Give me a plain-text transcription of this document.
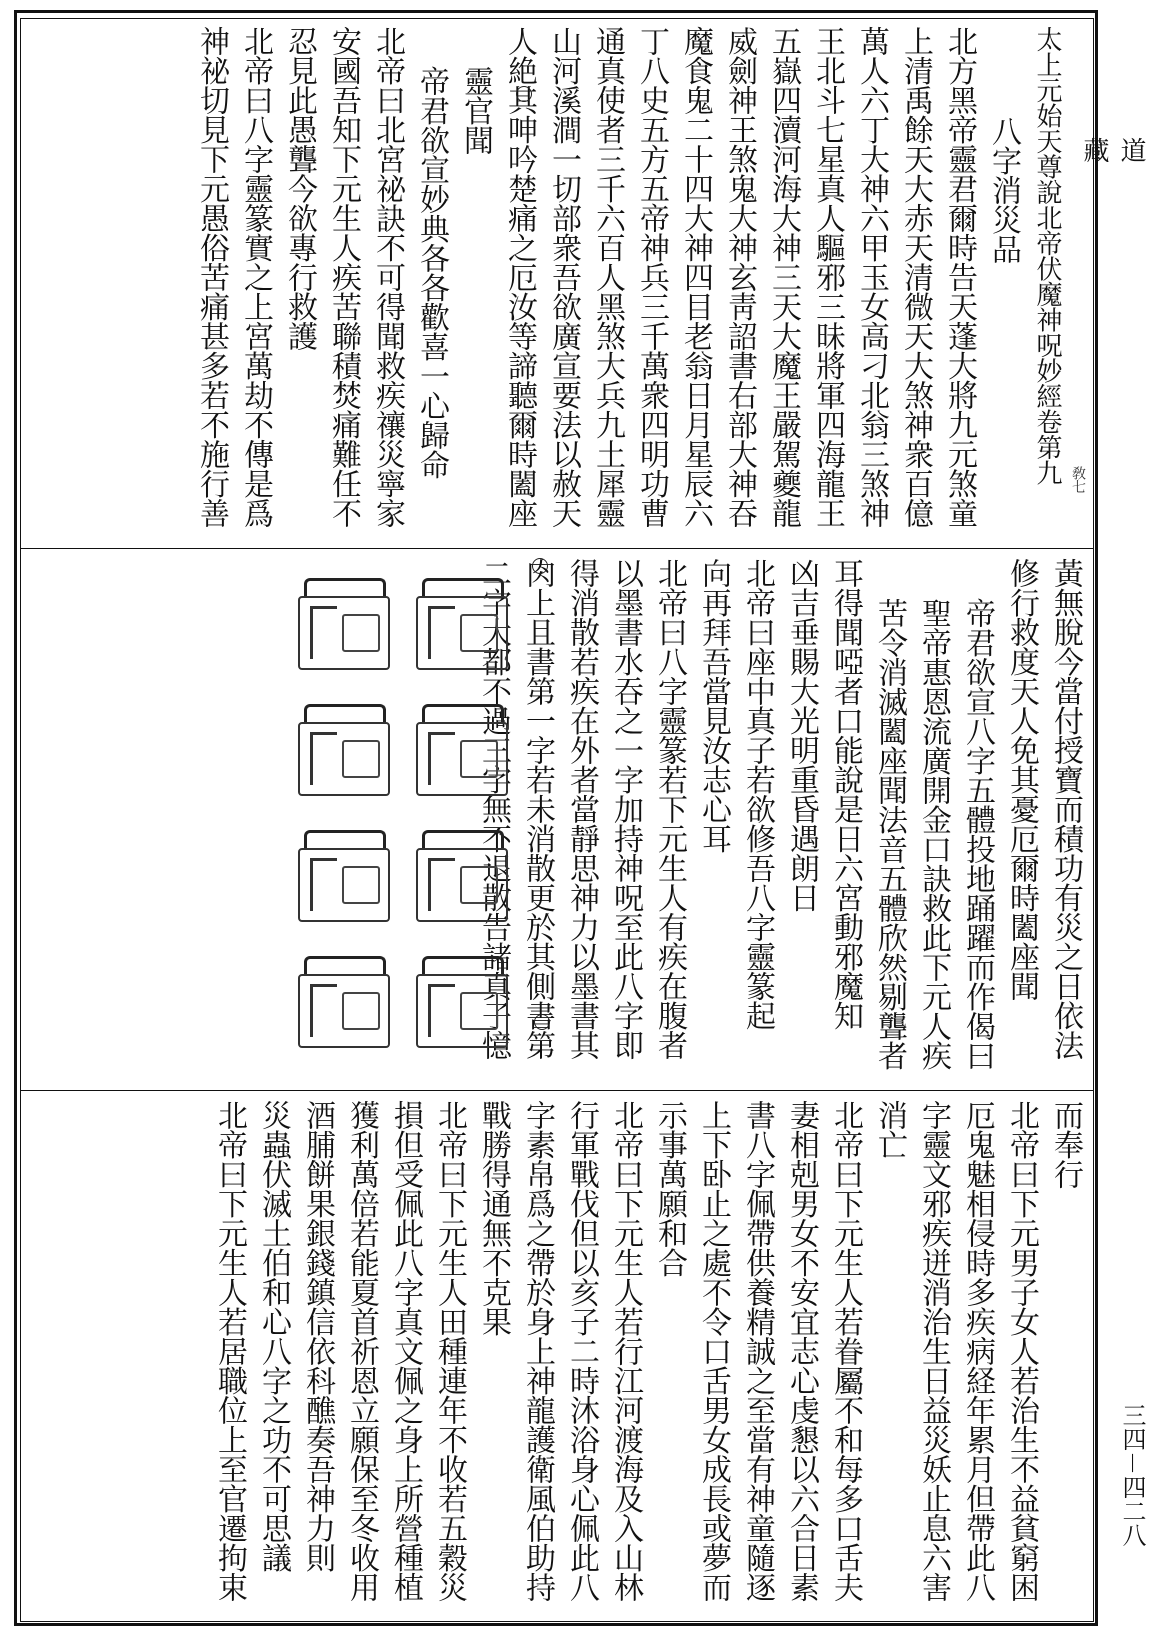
敎七
太上元始天尊說北帝伏魔神呪妙經卷第九
八字消災品
北方黑帝靈君爾時告天蓬大將九元煞童
上清禹餘天大赤天清微天大煞神衆百億
萬人六丁大神六甲玉女高刁北翁三煞神
王北斗七星真人驅邪三昧將軍四海龍王
五嶽四瀆河海大神三天大魔王嚴駕夔龍
威劍神王煞鬼大神玄靑詔書右部大神吞
魔食鬼二十四大神四目老翁日月星辰六
丁八史五方五帝神兵三千萬衆四明功曹
通真使者三千六百人黑煞大兵九土犀靈
山河溪澗一切部衆吾欲廣宣要法以赦天
人絶其呻吟楚痛之厄汝等諦聽爾時闔座
靈官聞
帝君欲宣妙典各各歡喜一心歸命
北帝曰北宮祕訣不可得聞救疾禳災寧家
安國吾知下元生人疾苦聯積焚痛難任不
忍見此愚聾今欲專行救護
北帝曰八字靈篆實之上宮萬劫不傳是爲
神祕切見下元愚俗苦痛甚多若不施行善
黃無脫今當付授寶而積功有災之日依法
修行救度天人免其憂厄爾時闔座聞
帝君欲宣八字五體投地踊躍而作偈曰
聖帝惠恩流廣開金口訣救此下元人疾
苦令消滅闔座聞法音五體欣然剔聾者
耳得聞啞者口能說是日六宮動邪魔知
凶吉垂賜大光明重昏遇朗日
北帝曰座中真子若欲修吾八字靈篆起
向再拜吾當見汝志心耳
北帝曰八字靈篆若下元生人有疾在腹者
以墨書水吞之一字加持神呪至此八字即
得消散若疾在外者當靜思神力以墨書其
肉上且書第一字若未消散更於其側書第
二字大都不過三字無不退散告諸真子憶
而奉行
北帝曰下元男子女人若治生不益貧窮困
厄鬼魅相侵時多疾病経年累月但帶此八
字靈文邪疾迸消治生日益災妖止息六害
消亡
北帝曰下元生人若眷屬不和每多口舌夫
妻相剋男女不安宜志心虔懇以六合日素
書八字佩帶供養精誠之至當有神童隨逐
上下卧止之處不令口舌男女成長或夢而
示事萬願和合
北帝曰下元生人若行江河渡海及入山林
行軍戰伐但以亥子二時沐浴身心佩此八
字素帛爲之帶於身上神龍護衛風伯助持
戰勝得通無不克果
北帝曰下元生人田種連年不收若五穀災
損但受佩此八字真文佩之身上所營種植
獲利萬倍若能夏首祈恩立願保至冬收用
酒脯餅果銀錢鎮信依科醮奏吾神力則
災蟲伏滅土伯和心八字之功不可思議
北帝曰下元生人若居職位上至官遷拘束
道藏
三四－四二八
